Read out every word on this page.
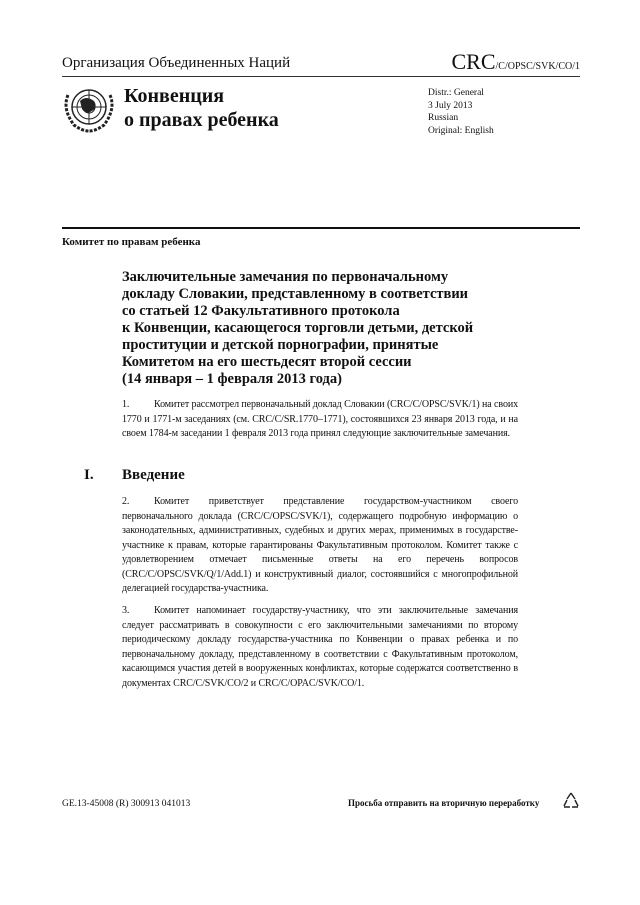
Организация Объединенных Наций	CRC/C/OPSC/SVK/CO/1
Конвенция
о правах ребенка
Distr.: General
3 July 2013
Russian
Original: English
Комитет по правам ребенка
Заключительные замечания по первоначальному
докладу Словакии, представленному в соответствии
со статьей 12 Факультативного протокола
к Конвенции, касающегося торговли детьми, детской
проституции и детской порнографии, принятые
Комитетом на его шестьдесят второй сессии
(14 января – 1 февраля 2013 года)
1. Комитет рассмотрел первоначальный доклад Словакии (CRC/C/OPSC/SVK/1) на своих 1770 и 1771-м заседаниях (см. CRC/C/SR.1770–1771), состоявшихся 23 января 2013 года, и на своем 1784-м заседании 1 февраля 2013 года принял следующие заключительные замечания.
I. Введение
2. Комитет приветствует представление государством-участником своего первоначального доклада (CRC/C/OPSC/SVK/1), содержащего подробную информацию о законодательных, административных, судебных и других мерах, применимых в государстве-участнике к правам, которые гарантированы Факультативным протоколом. Комитет также с удовлетворением отмечает письменные ответы на его перечень вопросов (CRC/C/OPSC/SVK/Q/1/Add.1) и конструктивный диалог, состоявшийся с многопрофильной делегацией государства-участника.
3. Комитет напоминает государству-участнику, что эти заключительные замечания следует рассматривать в совокупности с его заключительными замечаниями по второму периодическому докладу государства-участника по Конвенции о правах ребенка и по первоначальному докладу, представленному в соответствии с Факультативным протоколом, касающимся участия детей в вооруженных конфликтах, которые содержатся соответственно в документах CRC/C/SVK/CO/2 и CRC/C/OPAC/SVK/CO/1.
GE.13-45008 (R) 300913 041013	Просьба отправить на вторичную переработку
